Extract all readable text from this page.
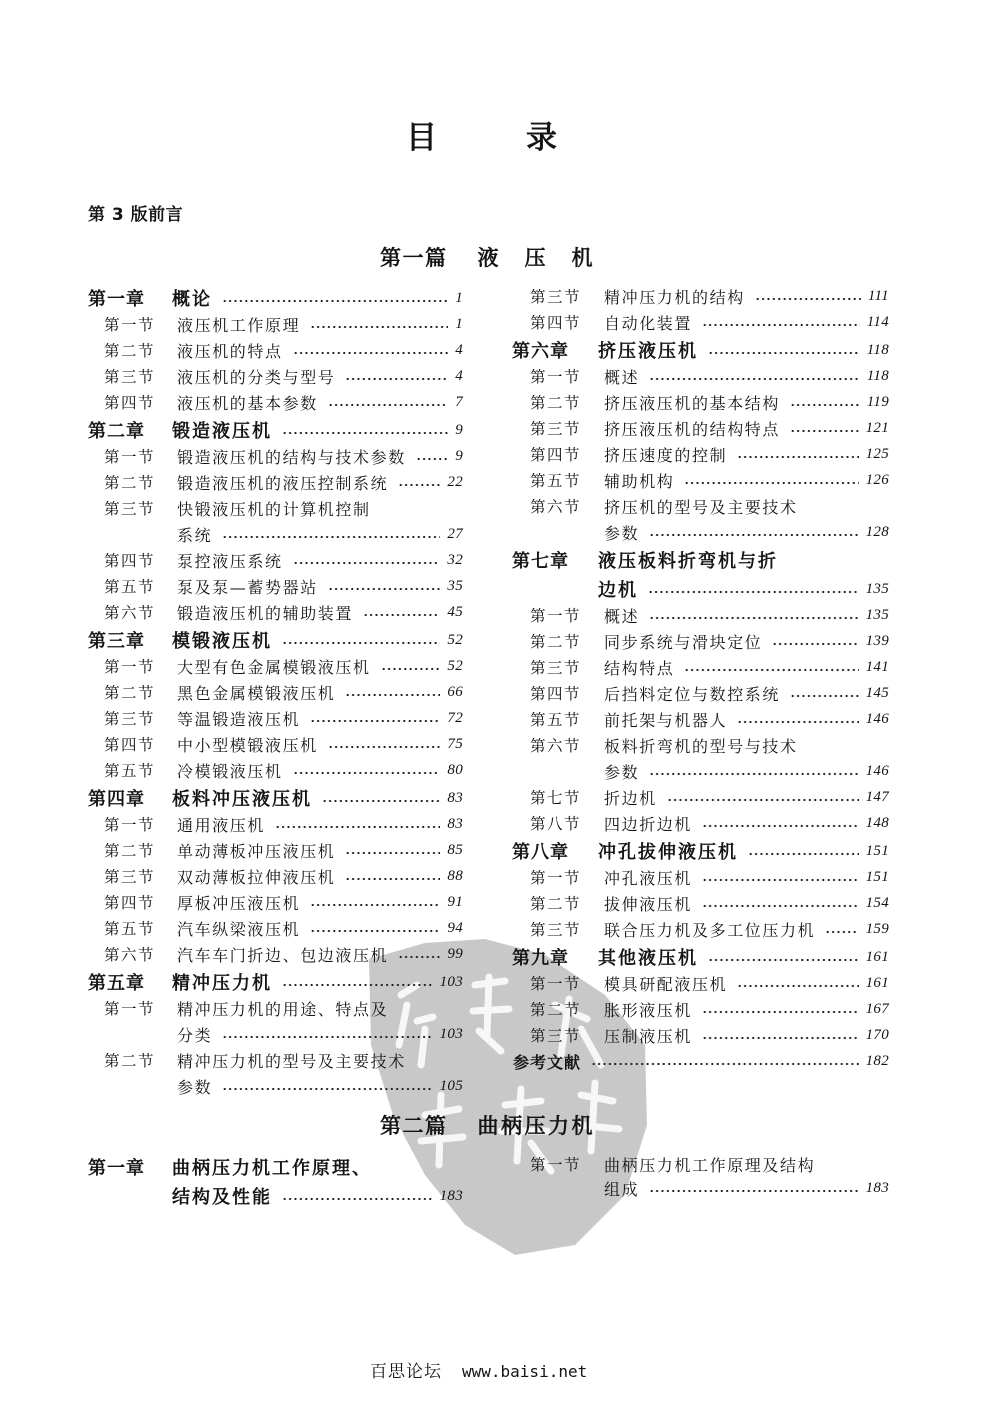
目录
第 3 版前言
第一篇 液压机
第一章	概论	1
第一节	液压机工作原理	1
第二节	液压机的特点	4
第三节	液压机的分类与型号	4
第四节	液压机的基本参数	7
第二章	锻造液压机	9
第一节	锻造液压机的结构与技术参数	9
第二节	锻造液压机的液压控制系统	22
第三节	快锻液压机的计算机控制
系统	27
第四节	泵控液压系统	32
第五节	泵及泵—蓄势器站	35
第六节	锻造液压机的辅助装置	45
第三章	模锻液压机	52
第一节	大型有色金属模锻液压机	52
第二节	黑色金属模锻液压机	66
第三节	等温锻造液压机	72
第四节	中小型模锻液压机	75
第五节	冷模锻液压机	80
第四章	板料冲压液压机	83
第一节	通用液压机	83
第二节	单动薄板冲压液压机	85
第三节	双动薄板拉伸液压机	88
第四节	厚板冲压液压机	91
第五节	汽车纵梁液压机	94
第六节	汽车车门折边、包边液压机	99
第五章	精冲压力机	103
第一节	精冲压力机的用途、特点及
分类	103
第二节	精冲压力机的型号及主要技术
参数	105
第三节	精冲压力机的结构	111
第四节	自动化装置	114
第六章	挤压液压机	118
第一节	概述	118
第二节	挤压液压机的基本结构	119
第三节	挤压液压机的结构特点	121
第四节	挤压速度的控制	125
第五节	辅助机构	126
第六节	挤压机的型号及主要技术
参数	128
第七章	液压板料折弯机与折
边机	135
第一节	概述	135
第二节	同步系统与滑块定位	139
第三节	结构特点	141
第四节	后挡料定位与数控系统	145
第五节	前托架与机器人	146
第六节	板料折弯机的型号与技术
参数	146
第七节	折边机	147
第八节	四边折边机	148
第八章	冲孔拔伸液压机	151
第一节	冲孔液压机	151
第二节	拔伸液压机	154
第三节	联合压力机及多工位压力机	159
第九章	其他液压机	161
第一节	模具研配液压机	161
第二节	胀形液压机	167
第三节	压制液压机	170
参考文献	182
第二篇 曲柄压力机
第一章	曲柄压力机工作原理、
结构及性能	183
第一节	曲柄压力机工作原理及结构
组成	183
百思论坛 www.baisi.net
